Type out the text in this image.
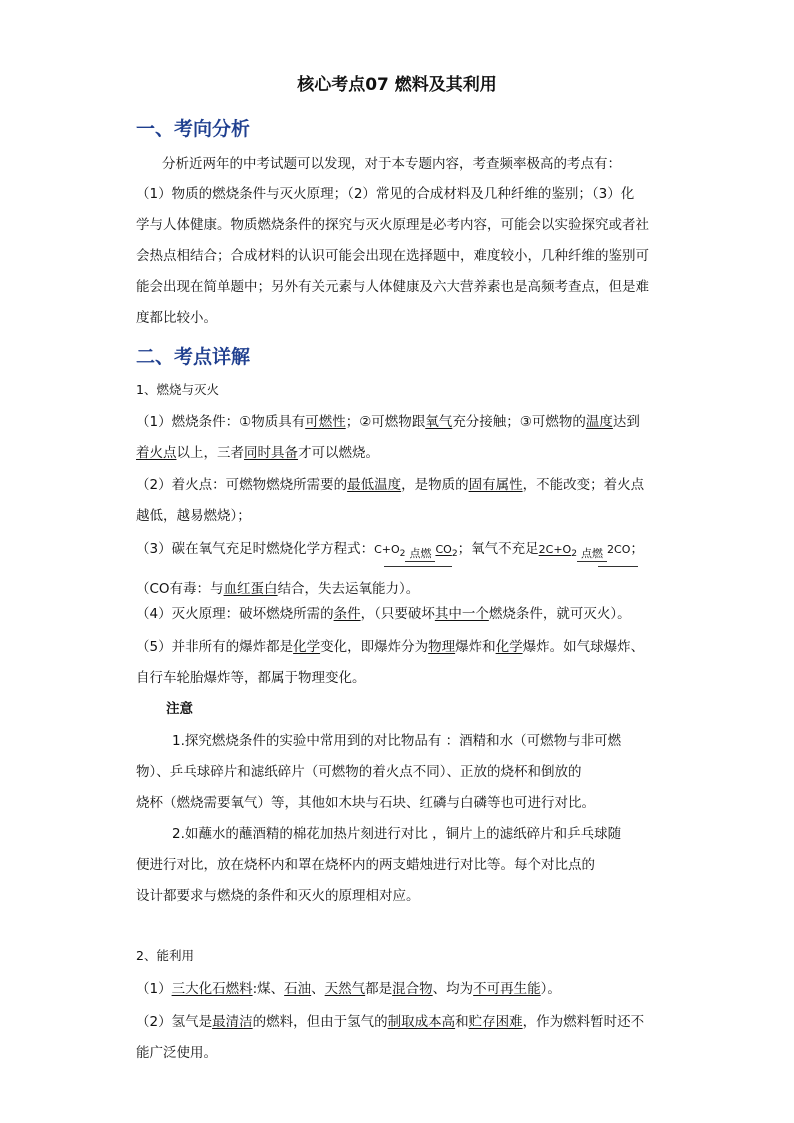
核心考点07 燃料及其利用
一、考向分析
分析近两年的中考试题可以发现，对于本专题内容，考查频率极高的考点有：
（1）物质的燃烧条件与灭火原理；（2）常见的合成材料及几种纤维的鉴别；（3）化
学与人体健康。物质燃烧条件的探究与灭火原理是必考内容，可能会以实验探究或者社
会热点相结合；合成材料的认识可能会出现在选择题中，难度较小，几种纤维的鉴别可
能会出现在简单题中；另外有关元素与人体健康及六大营养素也是高频考查点，但是难
度都比较小。
二、考点详解
1、燃烧与灭火
（1）燃烧条件：①物质具有可燃性；②可燃物跟氧气充分接触；③可燃物的温度达到
着火点以上，三者同时具备才可以燃烧。
（2）着火点：可燃物燃烧所需要的最低温度，是物质的固有属性，不能改变；着火点
越低，越易燃烧）；
（3）碳在氧气充足时燃烧化学方程式：$C+O_2$ 点燃 $CO_2$；氧气不充足$2C+O_2$ 点燃 2CO；
（CO有毒：与血红蛋白结合，失去运氧能力）。
（4）灭火原理：破坏燃烧所需的条件，（只要破坏其中一个燃烧条件，就可灭火）。
（5）并非所有的爆炸都是化学变化，即爆炸分为物理爆炸和化学爆炸。如气球爆炸、
自行车轮胎爆炸等，都属于物理变化。
注意
1.探究燃烧条件的实验中常用到的对比物品有 ：酒精和水（可燃物与非可燃
物）、乒乓球碎片和滤纸碎片（可燃物的着火点不同）、正放的烧杯和倒放的
烧杯（燃烧需要氧气）等，其他如木块与石块、红磷与白磷等也可进行对比。
2.如蘸水的蘸酒精的棉花加热片刻进行对比 ，铜片上的滤纸碎片和乒乓球随
便进行对比，放在烧杯内和罩在烧杯内的两支蜡烛进行对比等。每个对比点的
设计都要求与燃烧的条件和灭火的原理相对应。
2、能利用
（1）三大化石燃料:煤、石油、天然气都是混合物、均为不可再生能）。
（2）氢气是最清洁的燃料，但由于氢气的制取成本高和贮存困难，作为燃料暂时还不
能广泛使用。
